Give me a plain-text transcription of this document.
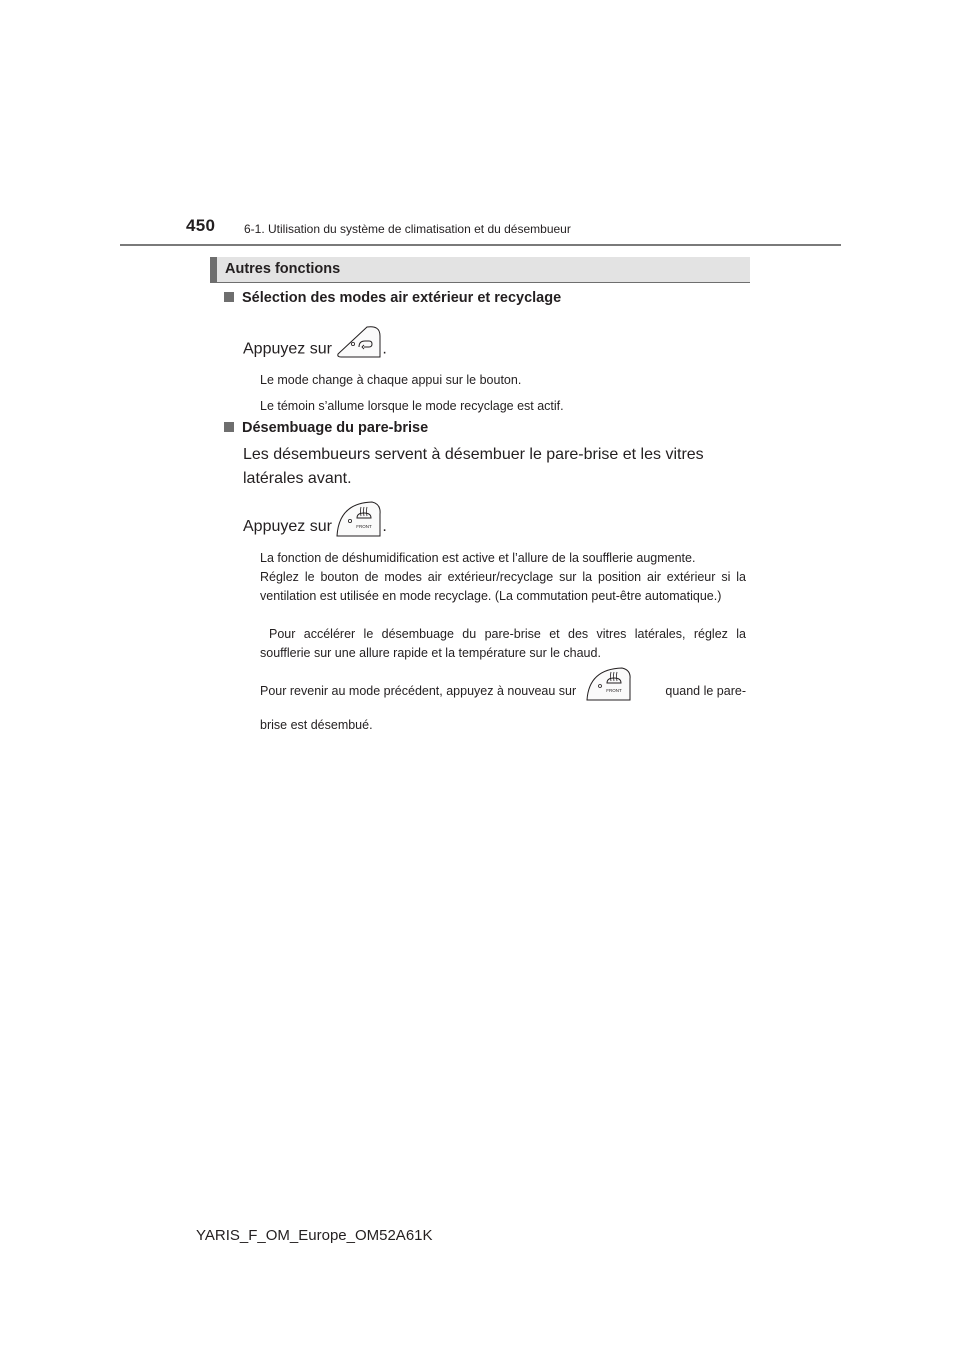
450 6-1. Utilisation du système de climatisation et du désembueur
Autres fonctions
Sélection des modes air extérieur et recyclage
Appuyez sur	.
Le mode change à chaque appui sur le bouton.
Le témoin s’allume lorsque le mode recyclage est actif.
Désembuage du pare-brise
Les désembueurs servent à désembuer le pare-brise et les vitres latérales avant.
Appuyez sur	FRONT .
La fonction de déshumidification est active et l’allure de la soufflerie augmente.
Réglez le bouton de modes air extérieur/recyclage sur la position air extérieur si la ventilation est utilisée en mode recyclage. (La commutation peut-être automatique.)
Pour accélérer le désembuage du pare-brise et des vitres latérales, réglez la soufflerie sur une allure rapide et la température sur le chaud.
Pour revenir au mode précédent, appuyez à nouveau sur	FRONT	quand le pare-
brise est désembué.
YARIS_F_OM_Europe_OM52A61K
